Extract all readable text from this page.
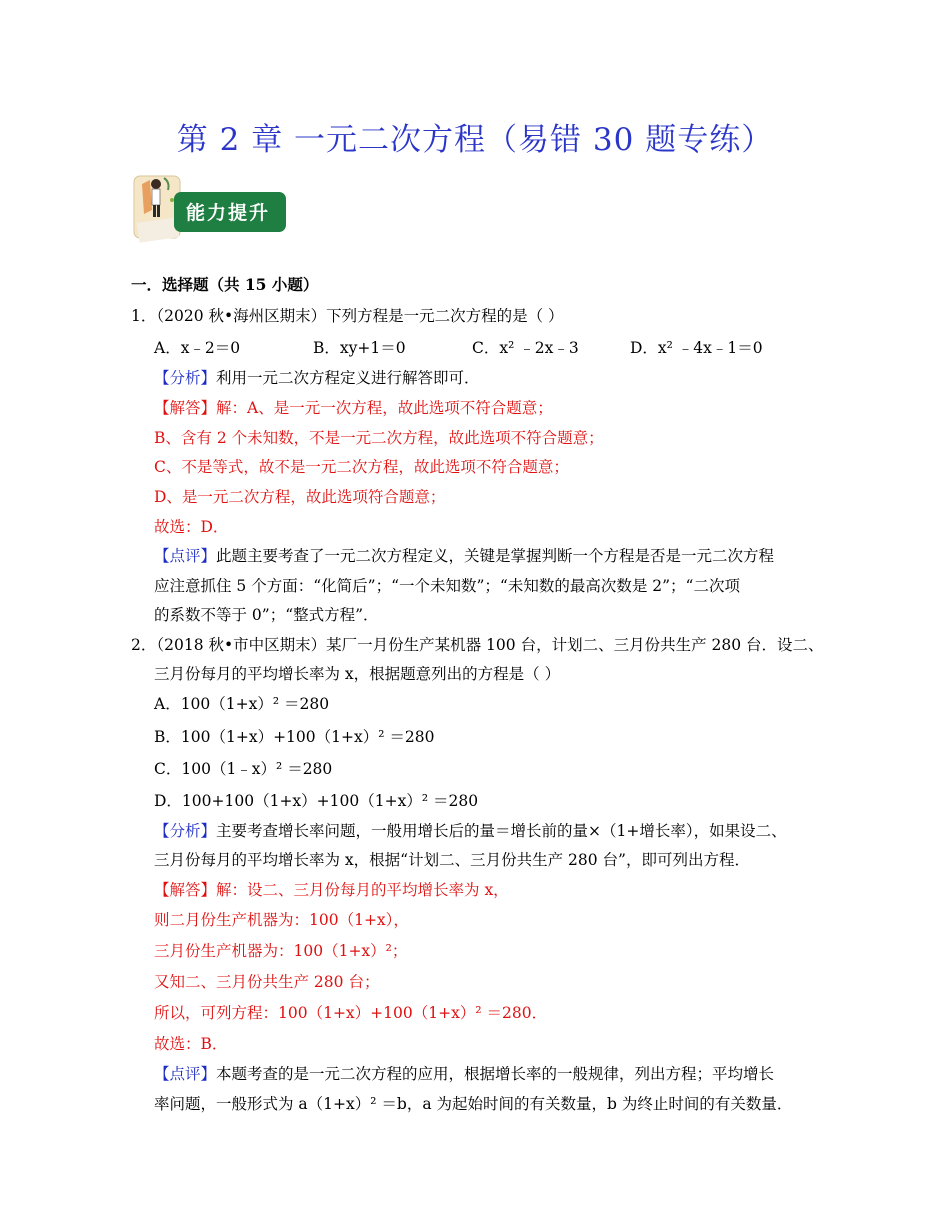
第 2 章 一元二次方程（易错 30 题专练）
能力提升
一．选择题（共 15 小题）
1．（2020 秋•海州区期末）下列方程是一元二次方程的是（ ）
A．x﹣2＝0	B．xy+1＝0	C．x² ﹣2x﹣3	D．x² ﹣4x﹣1＝0
【分析】利用一元二次方程定义进行解答即可．
【解答】解：A、是一元一次方程，故此选项不符合题意；
B、含有 2 个未知数，不是一元二次方程，故此选项不符合题意；
C、不是等式，故不是一元二次方程，故此选项不符合题意；
D、是一元二次方程，故此选项符合题意；
故选：D．
【点评】此题主要考查了一元二次方程定义，关键是掌握判断一个方程是否是一元二次方程
应注意抓住 5 个方面：“化简后”；“一个未知数”；“未知数的最高次数是 2”；“二次项
的系数不等于 0”；“整式方程”．
2．（2018 秋•市中区期末）某厂一月份生产某机器 100 台，计划二、三月份共生产 280 台．设二、
三月份每月的平均增长率为 x，根据题意列出的方程是（ ）
A．100（1+x）² ＝280
B．100（1+x）+100（1+x）² ＝280
C．100（1﹣x）² ＝280
D．100+100（1+x）+100（1+x）² ＝280
【分析】主要考查增长率问题，一般用增长后的量＝增长前的量×（1+增长率），如果设二、
三月份每月的平均增长率为 x，根据“计划二、三月份共生产 280 台”，即可列出方程．
【解答】解：设二、三月份每月的平均增长率为 x，
则二月份生产机器为：100（1+x），
三月份生产机器为：100（1+x）²；
又知二、三月份共生产 280 台；
所以，可列方程：100（1+x）+100（1+x）² ＝280．
故选：B．
【点评】本题考查的是一元二次方程的应用，根据增长率的一般规律，列出方程；平均增长
率问题，一般形式为 a（1+x）² ＝b，a 为起始时间的有关数量，b 为终止时间的有关数量．
